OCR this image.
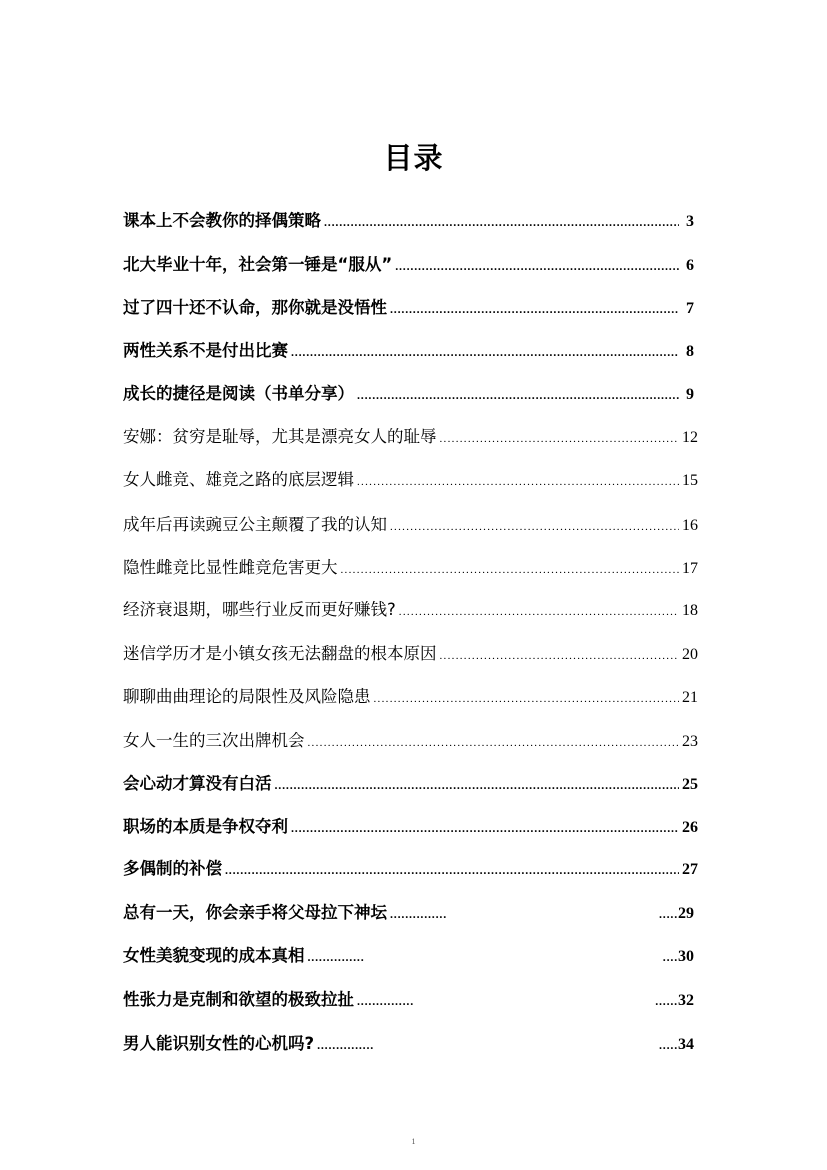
目录
课本上不会教你的择偶策略 .....	3
北大毕业十年，社会第一锤是“服从” .....	6
过了四十还不认命，那你就是没悟性 .....	7
两性关系不是付出比赛 .....	8
成长的捷径是阅读（书单分享） .....	9
安娜：贫穷是耻辱，尤其是漂亮女人的耻辱 .....	12
女人雌竞、雄竞之路的底层逻辑 .....	15
成年后再读豌豆公主颠覆了我的认知 .....	16
隐性雌竞比显性雌竞危害更大 .....	17
经济衰退期，哪些行业反而更好赚钱? .....	18
迷信学历才是小镇女孩无法翻盘的根本原因 .....	20
聊聊曲曲理论的局限性及风险隐患 .....	21
女人一生的三次出牌机会 .....	23
会心动才算没有白活 .....	25
职场的本质是争权夺利 .....	26
多偶制的补偿 .....	27
总有一天，你会亲手将父母拉下神坛 .....	..... 29
女性美貌变现的成本真相 .....	.... 30
性张力是克制和欲望的极致拉扯 .....	...... 32
男人能识别女性的心机吗? .....	..... 34
1
